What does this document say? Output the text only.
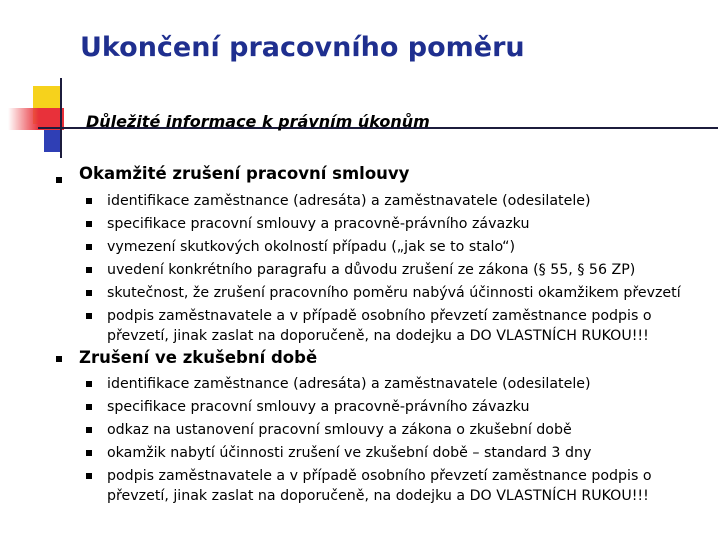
Ukončení pracovního poměru
Důležité informace k právním úkonům
Okamžité zrušení pracovní smlouvy
identifikace zaměstnance (adresáta) a zaměstnavatele (odesilatele)
specifikace pracovní smlouvy a pracovně-právního závazku
vymezení skutkových okolností případu („jak se to stalo“)
uvedení konkrétního paragrafu a důvodu zrušení ze zákona (§ 55, § 56 ZP)
skutečnost, že zrušení pracovního poměru nabývá účinnosti okamžikem převzetí
podpis zaměstnavatele a v případě osobního převzetí zaměstnance podpis o
převzetí, jinak zaslat na doporučeně, na dodejku a DO VLASTNÍCH RUKOU!!!
Zrušení ve zkušební době
identifikace zaměstnance (adresáta) a zaměstnavatele (odesilatele)
specifikace pracovní smlouvy a pracovně-právního závazku
odkaz na ustanovení pracovní smlouvy a zákona o zkušební době
okamžik nabytí účinnosti zrušení ve zkušební době – standard 3 dny
podpis zaměstnavatele a v případě osobního převzetí zaměstnance podpis o
převzetí, jinak zaslat na doporučeně, na dodejku a DO VLASTNÍCH RUKOU!!!
